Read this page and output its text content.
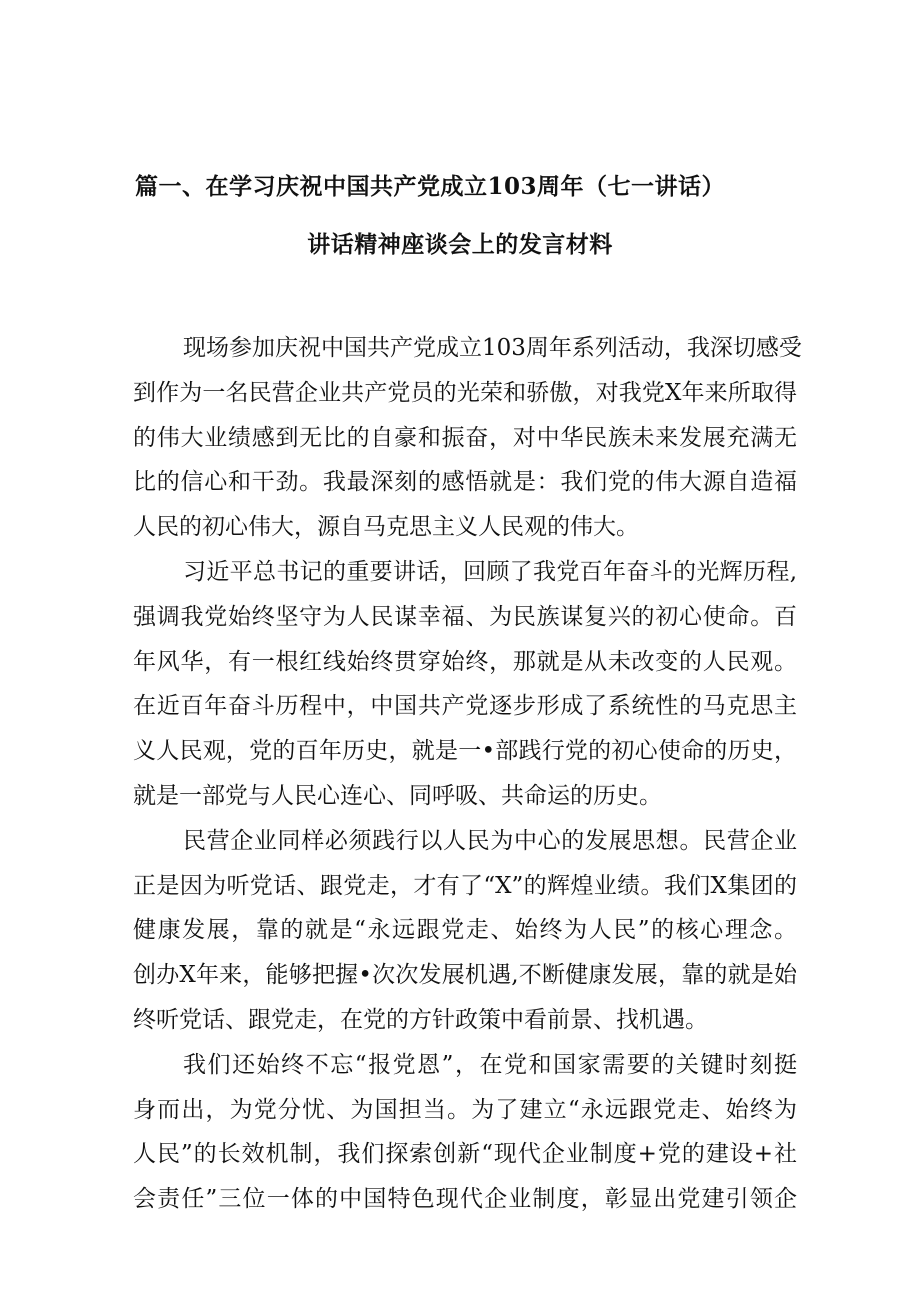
篇一、在学习庆祝中国共产党成立103周年（七一讲话）
讲话精神座谈会上的发言材料
现场参加庆祝中国共产党成立103周年系列活动，我深切感受
到作为一名民营企业共产党员的光荣和骄傲，对我党X年来所取得
的伟大业绩感到无比的自豪和振奋，对中华民族未来发展充满无
比的信心和干劲。我最深刻的感悟就是：我们党的伟大源自造福
人民的初心伟大，源自马克思主义人民观的伟大。
习近平总书记的重要讲话，回顾了我党百年奋斗的光辉历程,
强调我党始终坚守为人民谋幸福、为民族谋复兴的初心使命。百
年风华，有一根红线始终贯穿始终，那就是从未改变的人民观。
在近百年奋斗历程中，中国共产党逐步形成了系统性的马克思主
义人民观，党的百年历史，就是一•部践行党的初心使命的历史，
就是一部党与人民心连心、同呼吸、共命运的历史。
民营企业同样必须践行以人民为中心的发展思想。民营企业
正是因为听党话、跟党走，才有了“X”的辉煌业绩。我们X集团的
健康发展，靠的就是“永远跟党走、始终为人民”的核心理念。
创办X年来，能够把握•次次发展机遇,不断健康发展，靠的就是始
终听党话、跟党走，在党的方针政策中看前景、找机遇。
我们还始终不忘“报党恩”，在党和国家需要的关键时刻挺
身而出，为党分忧、为国担当。为了建立“永远跟党走、始终为
人民”的长效机制，我们探索创新“现代企业制度+党的建设+社
会责任”三位一体的中国特色现代企业制度，彰显出党建引领企
